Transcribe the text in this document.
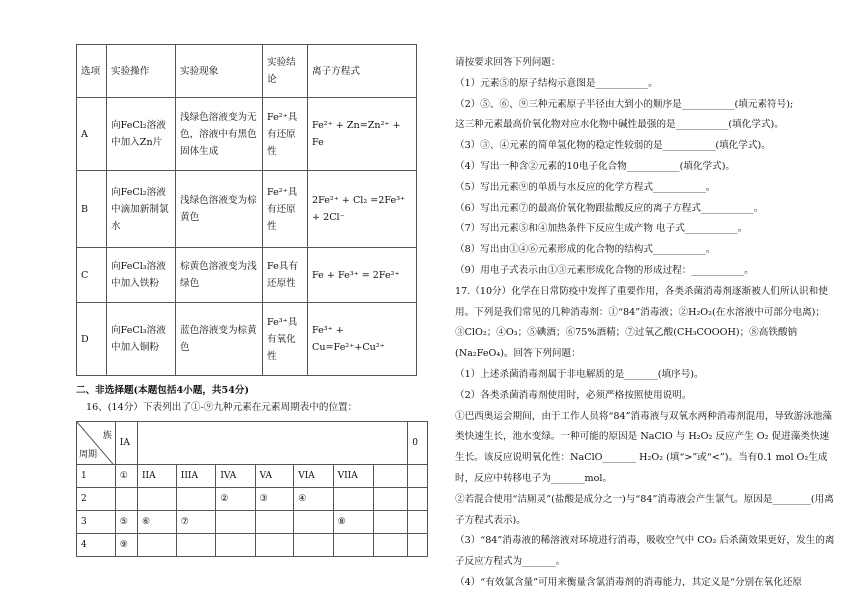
选项	实验操作	实验现象	实验结论	离子方程式
A	向FeCl₂溶液中加入Zn片	浅绿色溶液变为无色，溶液中有黑色固体生成	Fe²⁺具有还原性	Fe²⁺ + Zn=Zn²⁺ + Fe
B	向FeCl₂溶液中滴加新制氯水	浅绿色溶液变为棕黄色	Fe²⁺具有还原性	2Fe²⁺ + Cl₂ =2Fe³⁺ + 2Cl⁻
C	向FeCl₃溶液中加入铁粉	棕黄色溶液变为浅绿色	Fe具有还原性	Fe + Fe³⁺ = 2Fe²⁺
D	向FeCl₃溶液中加入铜粉	蓝色溶液变为棕黄色	Fe³⁺具有氧化性	Fe³⁺ + Cu=Fe²⁺+Cu²⁺
二、非选择题(本题包括4小题，共54分)
16、(14分）下表列出了①-⑨九种元素在元素周期表中的位置：
族
周期	IA								0
1	①	IIA	IIIA	IVA	VA	VIA	VIIA		
2				②	③	④			
3	⑤	⑥	⑦				⑧		
4	⑨								
请按要求回答下列问题：
（1）元素⑤的原子结构示意图是___________。
（2）⑤、⑥、⑨三种元素原子半径由大到小的顺序是___________(填元素符号);
这三种元素最高价氧化物对应水化物中碱性最强的是___________(填化学式)。
（3）③、④元素的简单氢化物的稳定性较弱的是___________(填化学式)。
（4）写出一种含②元素的10电子化合物___________(填化学式)。
（5）写出元素⑨的单质与水反应的化学方程式___________。
（6）写出元素⑦的最高价氧化物跟盐酸反应的离子方程式___________。
（7）写出元素⑤和④加热条件下反应生成产物 电子式___________。
（8）写出由①④⑥元素形成的化合物的结构式___________。
（9）用电子式表示由①③元素形成化合物的形成过程：___________。
17.（10分）化学在日常防疫中发挥了重要作用，各类杀菌消毒剂逐渐被人们所认识和使用。下列是我们常见的几种消毒剂：①“84”消毒液；②H₂O₂(在水溶液中可部分电离)；③ClO₂；④O₃；⑤碘酒；⑥75%酒精；⑦过氧乙酸(CH₃COOOH)；⑧高铁酸钠(Na₂FeO₄)。回答下列问题：
（1）上述杀菌消毒剂属于非电解质的是_______(填序号)。
（2）各类杀菌消毒剂使用时，必须严格按照使用说明。
①巴西奥运会期间，由于工作人员将“84”消毒液与双氧水两种消毒剂混用，导致游泳池藻类快速生长，池水变绿。一种可能的原因是 NaClO 与 H₂O₂ 反应产生 O₂ 促进藻类快速生长。该反应说明氧化性：NaClO_______ H₂O₂ (填“>”或“<”)。当有0.1 mol O₂生成时，反应中转移电子为_______mol。
②若混合使用“洁厕灵”(盐酸是成分之一)与“84”消毒液会产生氯气。原因是________(用离子方程式表示)。
（3）“84”消毒液的稀溶液对环境进行消毒，吸收空气中 CO₂ 后杀菌效果更好，发生的离子反应方程式为_______。
（4）“有效氯含量”可用来衡量含氯消毒剂的消毒能力，其定义是“分别在氧化还原
